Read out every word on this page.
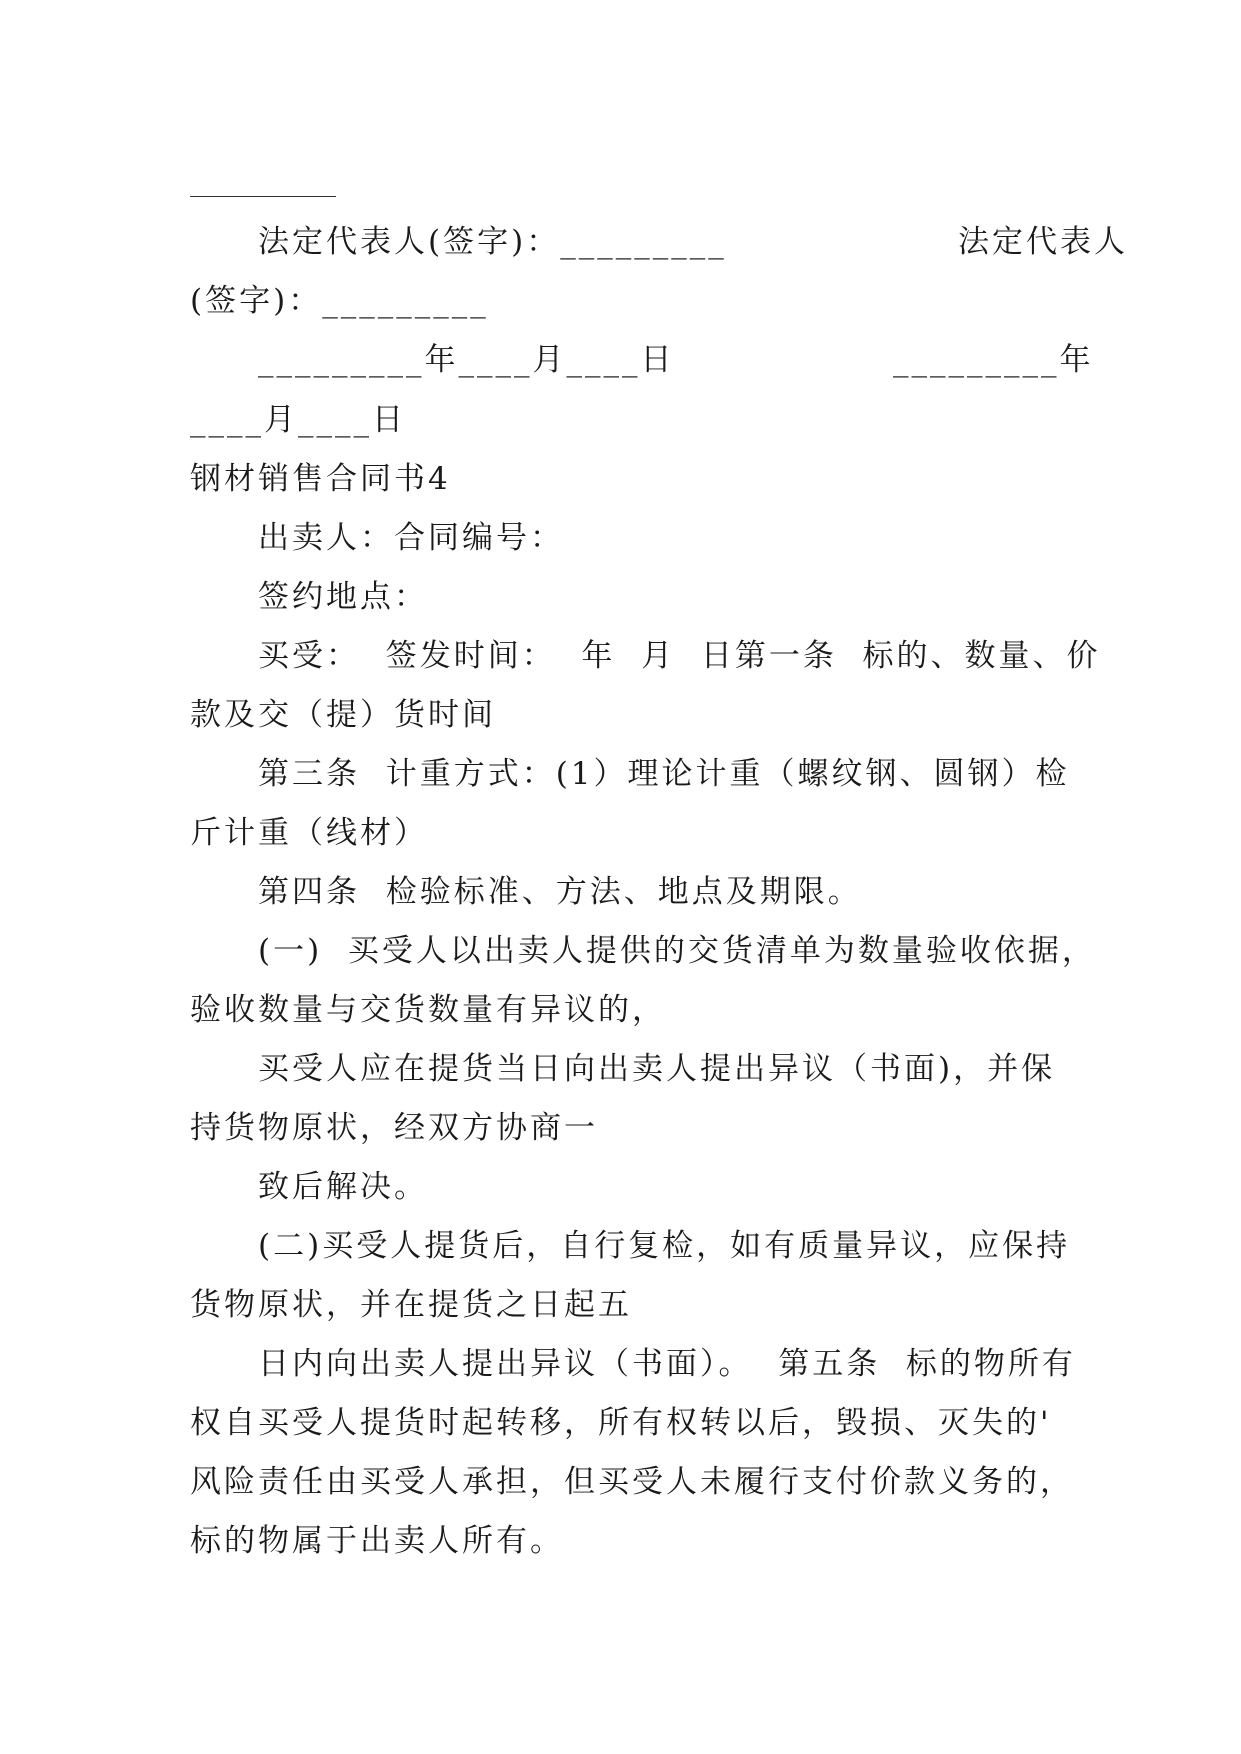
法定代表人(签字)：_________                  法定代表人
(签字)：_________
_________年____月____日                 _________年
____月____日
钢材销售合同书4
出卖人：合同编号：
签约地点：
买受：  签发时间：  年  月  日第一条  标的、数量、价
款及交（提）货时间
第三条  计重方式：(1）理论计重（螺纹钢、圆钢）检
斤计重（线材）
第四条  检验标准、方法、地点及期限。
(一)  买受人以出卖人提供的交货清单为数量验收依据，
验收数量与交货数量有异议的，
买受人应在提货当日向出卖人提出异议（书面)，并保
持货物原状，经双方协商一
致后解决。
(二)买受人提货后，自行复检，如有质量异议，应保持
货物原状，并在提货之日起五
日内向出卖人提出异议（书面）。  第五条  标的物所有
权自买受人提货时起转移，所有权转以后，毁损、灭失的'
风险责任由买受人承担，但买受人未履行支付价款义务的，
标的物属于出卖人所有。
